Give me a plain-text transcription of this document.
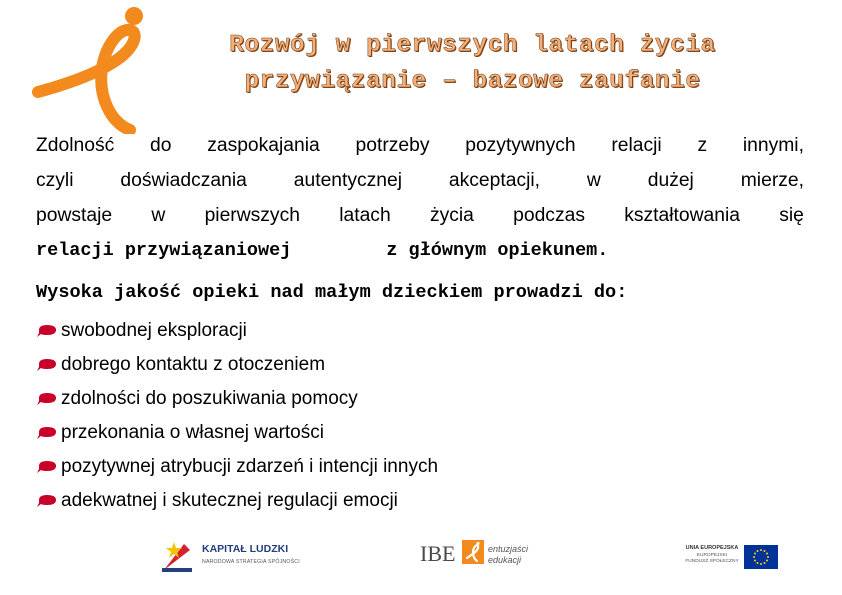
Rozwój w pierwszych latach życia
przywiązanie – bazowe zaufanie
Zdolność do zaspokajania potrzeby pozytywnych relacji z innymi,
czyli doświadczania autentycznej akceptacji, w dużej mierze,
powstaje w pierwszych latach życia podczas kształtowania się
relacji przywiązaniowej	z głównym opiekunem.
Wysoka jakość opieki nad małym dzieckiem prowadzi do:
swobodnej eksploracji
dobrego kontaktu z otoczeniem
zdolności do poszukiwania pomocy
przekonania o własnej wartości
pozytywnej atrybucji zdarzeń i intencji innych
adekwatnej i skutecznej regulacji emocji
KAPITAŁ LUDZKI
NARODOWA STRATEGIA SPÓJNOŚCI	IBE	entuzjaści
edukacji
UNIA EUROPEJSKA
EUROPEJSKI
FUNDUSZ SPOŁECZNY
